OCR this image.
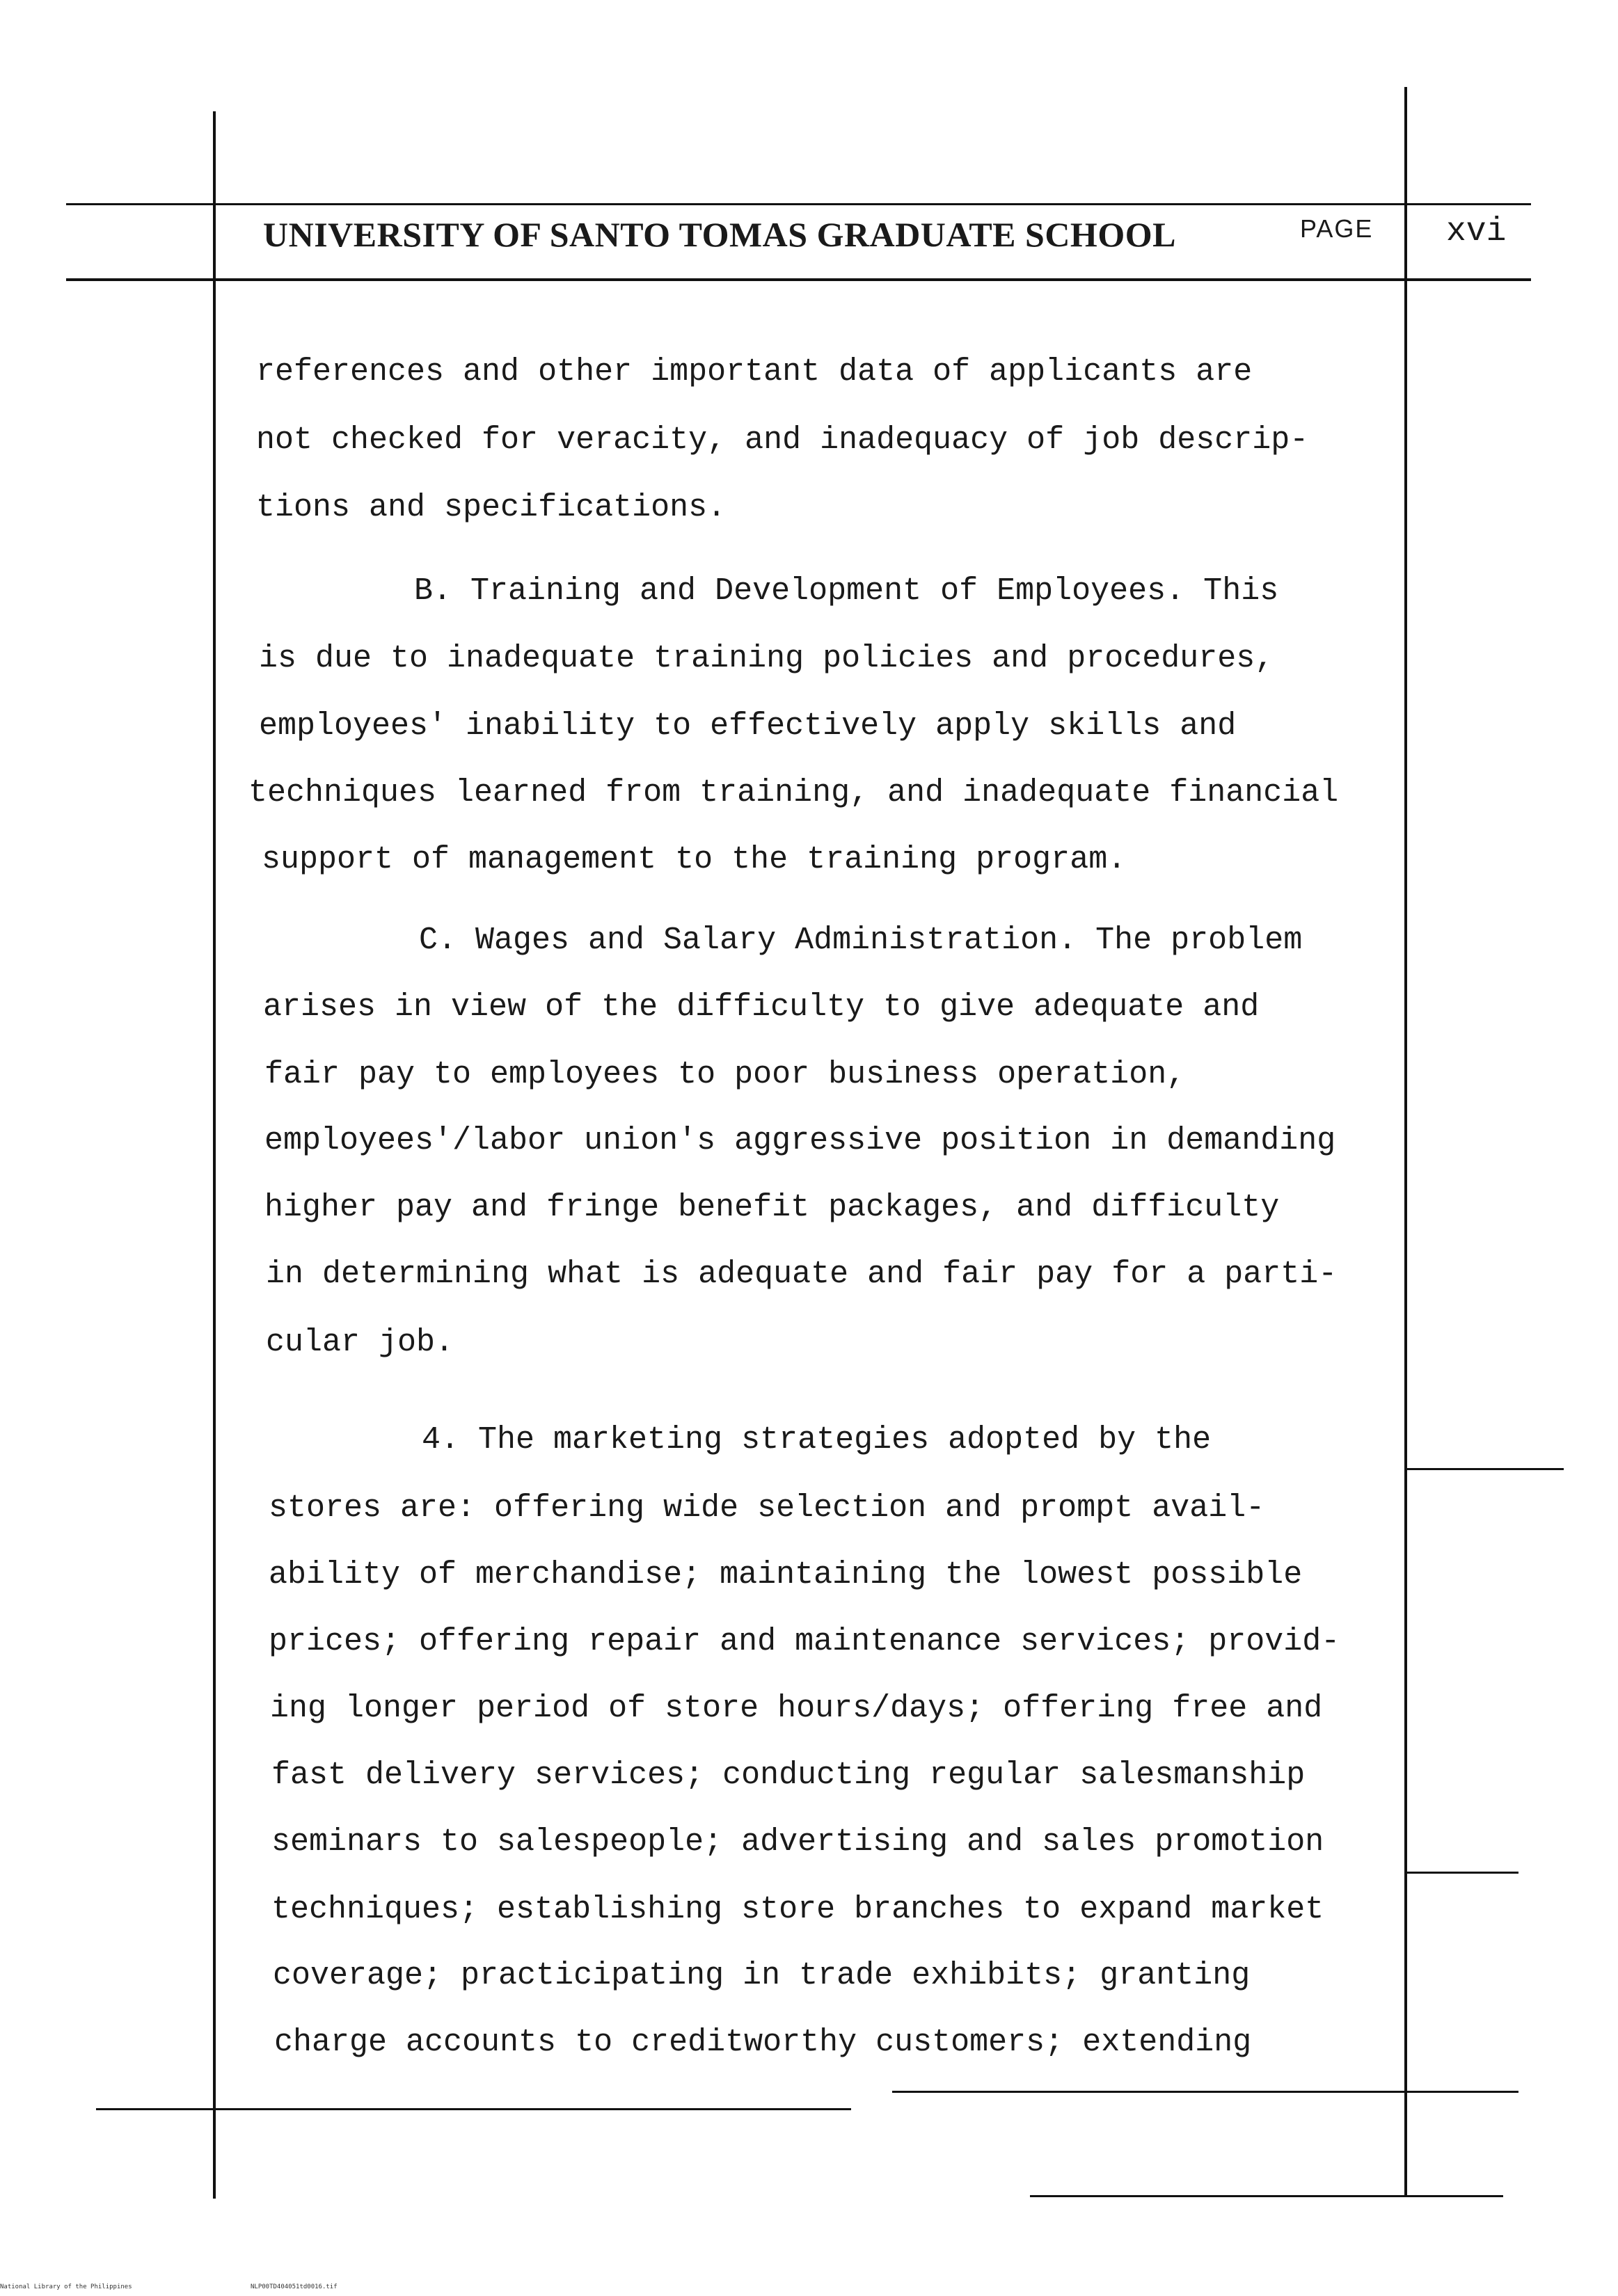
UNIVERSITY OF SANTO TOMAS GRADUATE SCHOOL	PAGE xvi
references and other important data of applicants are
not checked for veracity, and inadequacy of job descrip-
tions and specifications.
B. Training and Development of Employees. This
is due to inadequate training policies and procedures,
employees' inability to effectively apply skills and
techniques learned from training, and inadequate financial
support of management to the training program.
C. Wages and Salary Administration. The problem
arises in view of the difficulty to give adequate and
fair pay to employees to poor business operation,
employees'/labor union's aggressive position in demanding
higher pay and fringe benefit packages, and difficulty
in determining what is adequate and fair pay for a parti-
cular job.
4. The marketing strategies adopted by the
stores are: offering wide selection and prompt avail-
ability of merchandise; maintaining the lowest possible
prices; offering repair and maintenance services; provid-
ing longer period of store hours/days; offering free and
fast delivery services; conducting regular salesmanship
seminars to salespeople; advertising and sales promotion
techniques; establishing store branches to expand market
coverage; practicipating in trade exhibits; granting
charge accounts to creditworthy customers; extending
National Library of the Philippines	NLP00TD404051td0016.tif
